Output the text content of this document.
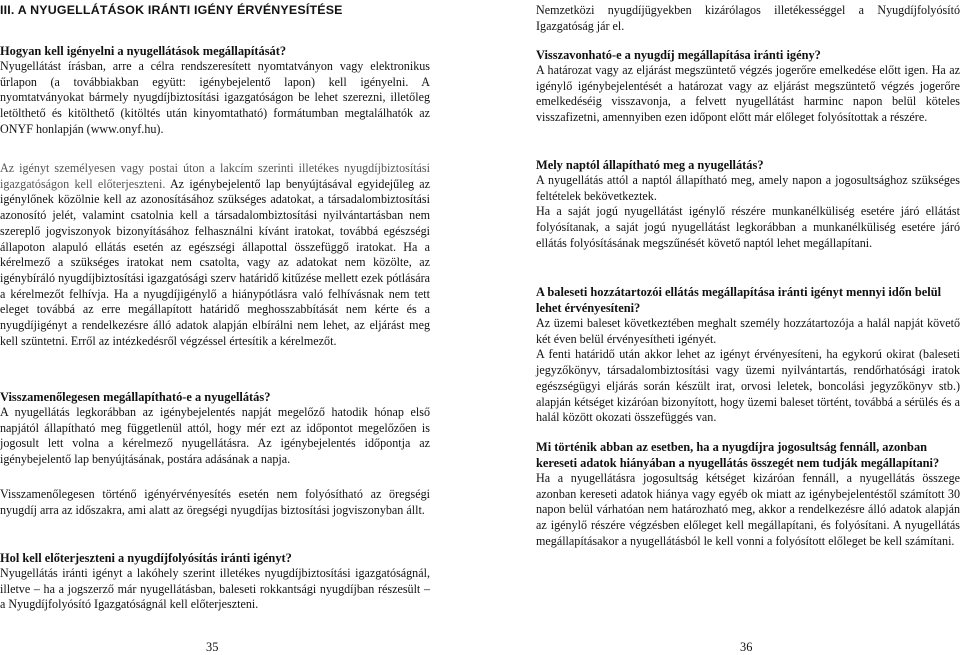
III. A NYUGELLÁTÁSOK IRÁNTI IGÉNY ÉRVÉNYESÍTÉSE

Hogyan kell igényelni a nyugellátások megállapítását?

Nyugellátást írásban, arre a célra rendszeresített nyomtatványon vagy elektronikus űrlapon (a továbbiakban együtt: igénybejelentő lapon) kell igényelni. A nyomtatványokat bármely nyugdíjbiztosítási igazgatóságon be lehet szerezni, illetőleg letölthető és kitölthető (kitöltés után kinyomtatható) formátumban megtalálhatók az ONYF honlapján (www.onyf.hu).

Az igényt személyesen vagy postai úton a lakcím szerinti illetékes nyugdíjbiztosítási igazgatóságon kell előterjeszteni. Az igénybejelentő lap benyújtásával egyidejűleg az igénylőnek közölnie kell az azonosításához szükséges adatokat, a társadalombiztosítási azonosító jelét, valamint csatolnia kell a társadalombiztosítási nyilvántartásban nem szereplő jogviszonyok bizonyításához felhasználni kívánt iratokat, továbbá egészségi állapoton alapuló ellátás esetén az egészségi állapottal összefüggő iratokat. Ha a kérelmező a szükséges iratokat nem csatolta, vagy az adatokat nem közölte, az igénybíráló nyugdíjbiztosítási igazgatósági szerv határidő kitűzése mellett ezek pótlására a kérelmezőt felhívja. Ha a nyugdíjigénylő a hiánypótlásra való felhívásnak nem tett eleget továbbá az erre megállapított határidő meghosszabbítását nem kérte és a nyugdíjigényt a rendelkezésre álló adatok alapján elbírálni nem lehet, az eljárást meg kell szüntetni. Erről az intézkedésről végzéssel értesítik a kérelmezőt.

Visszamenőlegesen megállapítható-e a nyugellátás?

A nyugellátás legkorábban az igénybejelentés napját megelőző hatodik hónap első napjától állapítható meg függetlenül attól, hogy mér ezt az időpontot megelőzően is jogosult lett volna a kérelmező nyugellátásra. Az igénybejelentés időpontja az igénybejelentő lap benyújtásának, postára adásának a napja.

Visszamenőlegesen történő igényérvényesítés esetén nem folyósítható az öregségi nyugdíj arra az időszakra, ami alatt az öregségi nyugdíjas biztosítási jogviszonyban állt.

Hol kell előterjeszteni a nyugdíjfolyósítás iránti igényt?

Nyugellátás iránti igényt a lakóhely szerint illetékes nyugdíjbiztosítási igazgatóságnál, illetve – ha a jogszerző már nyugellátásban, baleseti rokkantsági nyugdíjban részesült – a Nyugdíjfolyósító Igazgatóságnál kell előterjeszteni.

35

Nemzetközi nyugdíjügyekben kizárólagos illetékességgel a Nyugdíjfolyósító Igazgatóság jár el.

Visszavonható-e a nyugdíj megállapítása iránti igény?

A határozat vagy az eljárást megszüntető végzés jogerőre emelkedése előtt igen. Ha az igénylő igénybejelentését a határozat vagy az eljárást megszüntető végzés jogerőre emelkedéséig visszavonja, a felvett nyugellátást harminc napon belül köteles visszafizetni, amennyiben ezen időpont előtt már előleget folyósítottak a részére.

Mely naptól állapítható meg a nyugellátás?

A nyugellátás attól a naptól állapítható meg, amely napon a jogosultsághoz szükséges feltételek bekövetkeztek.

Ha a saját jogú nyugellátást igénylő részére munkanélküliség esetére járó ellátást folyósítanak, a saját jogú nyugellátást legkorábban a munkanélküliség esetére járó ellátás folyósításának megszűnését követő naptól lehet megállapítani.

A baleseti hozzátartozói ellátás megállapítása iránti igényt mennyi időn belül lehet érvényesíteni?

Az üzemi baleset következtében meghalt személy hozzátartozója a halál napját követő két éven belül érvényesítheti igényét.

A fenti határidő után akkor lehet az igényt érvényesíteni, ha egykorú okirat (baleseti jegyzőkönyv, társadalombiztosítási vagy üzemi nyilvántartás, rendőrhatósági iratok egészségügyi eljárás során készült irat, orvosi leletek, boncolási jegyzőkönyv stb.) alapján kétséget kizáróan bizonyított, hogy üzemi baleset történt, továbbá a sérülés és a halál között okozati összefüggés van.

Mi történik abban az esetben, ha a nyugdíjra jogosultság fennáll, azonban kereseti adatok hiányában a nyugellátás összegét nem tudják megállapítani?

Ha a nyugellátásra jogosultság kétséget kizáróan fennáll, a nyugellátás összege azonban kereseti adatok hiánya vagy egyéb ok miatt az igénybejelentéstől számított 30 napon belül várhatóan nem határozható meg, akkor a rendelkezésre álló adatok alapján az igénylő részére végzésben előleget kell megállapítani, és folyósítani. A nyugellátás megállapításakor a nyugellátásból le kell vonni a folyósított előleget be kell számítani.

36
